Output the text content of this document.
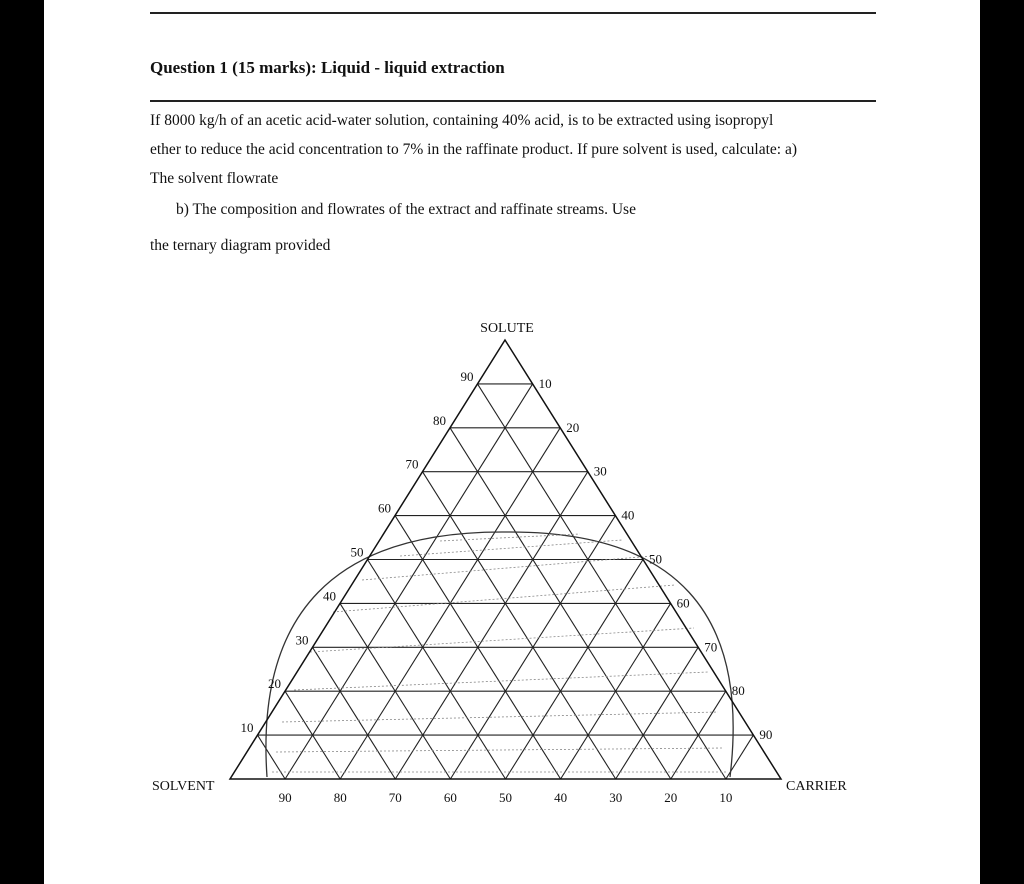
Question 1 (15 marks): Liquid - liquid extraction
If 8000 kg/h of an acetic acid-water solution, containing 40% acid, is to be extracted using isopropyl
ether to reduce the acid concentration to 7% in the raffinate product. If pure solvent is used, calculate: a)
The solvent flowrate
b) The composition and flowrates of the extract and raffinate streams. Use
the ternary diagram provided
SOLUTE
SOLVENT	CARRIER
10
20
30
40
50
60
70
80
90	10
20
30
40
50
60
70
80
90
90	80	70	60	50	40	30	20	10
